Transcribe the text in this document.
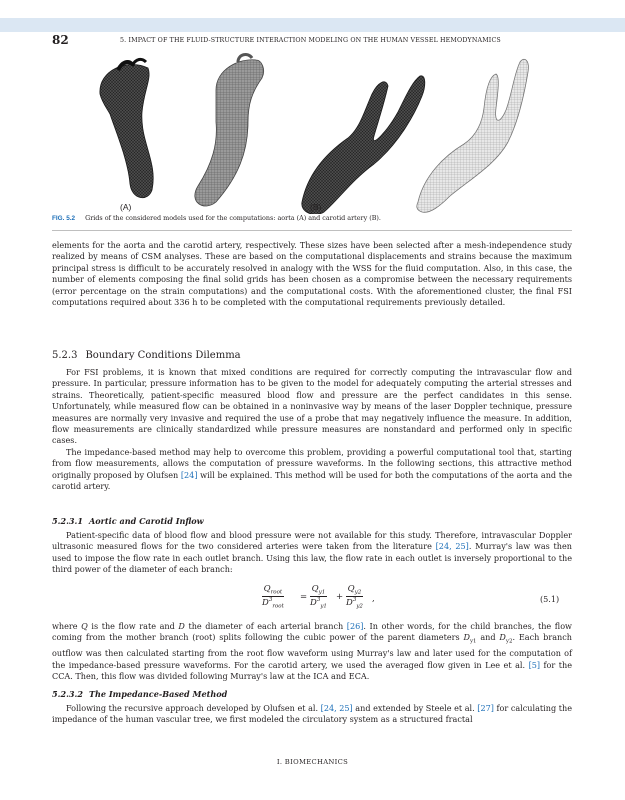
82	5. IMPACT OF THE FLUID-STRUCTURE INTERACTION MODELING ON THE HUMAN VESSEL HEMODYNAMICS
(A)	(B)
FIG. 5.2 Grids of the considered models used for the computations: aorta (A) and carotid artery (B).

elements for the aorta and the carotid artery, respectively. These sizes have been selected after a mesh-independence study realized by means of CSM analyses. These are based on the computational displacements and strains because the maximum principal stress is difficult to be accurately resolved in analogy with the WSS for the fluid computation. Also, in this case, the number of elements composing the final solid grids has been chosen as a compromise between the necessary requirements (error percentage on the strain computations) and the computational costs. With the aforementioned cluster, the final FSI computations required about 336 h to be completed with the computational requirements previously detailed.

5.2.3 Boundary Conditions Dilemma

For FSI problems, it is known that mixed conditions are required for correctly computing the intravascular flow and pressure. In particular, pressure information has to be given to the model for adequately computing the arterial stresses and strains. Theoretically, patient-specific measured blood flow and pressure are the perfect candidates in this sense. Unfortunately, while measured flow can be obtained in a noninvasive way by means of the laser Doppler technique, pressure measures are normally very invasive and required the use of a probe that may negatively influence the measure. In addition, flow measurements are clinically standardized while pressure measures are nonstandard and performed only in specific cases.

The impedance-based method may help to overcome this problem, providing a powerful computational tool that, starting from flow measurements, allows the computation of pressure waveforms. In the following sections, this attractive method originally proposed by Olufsen [24] will be explained. This method will be used for both the computations of the aorta and the carotid artery.

5.2.3.1 Aortic and Carotid Inflow

Patient-specific data of blood flow and blood pressure were not available for this study. Therefore, intravascular Doppler ultrasonic measured flows for the two considered arteries were taken from the literature [24, 25]. Murray's law was then used to impose the flow rate in each outlet branch. Using this law, the flow rate in each outlet is inversely proportional to the third power of the diameter of each branch:

$Q_{root}$
$D^3_{root}$
= $\frac{Q_{y1}}{D^3_{y1}} + \frac{Q_{y2}}{D^3_{y2}}$ ,	(5.1)

where Q is the flow rate and D the diameter of each arterial branch [26]. In other words, for the child branches, the flow coming from the mother branch (root) splits following the cubic power of the parent diameters $D_{y1}$ and $D_{y2}$. Each branch outflow was then calculated starting from the root flow waveform using Murray's law and later used for the computation of the impedance-based pressure waveforms. For the carotid artery, we used the averaged flow given in Lee et al. [5] for the CCA. Then, this flow was divided following Murray's law at the ICA and ECA.

5.2.3.2 The Impedance-Based Method

Following the recursive approach developed by Olufsen et al. [24, 25] and extended by Steele et al. [27] for calculating the impedance of the human vascular tree, we first modeled the circulatory system as a structured fractal

I. BIOMECHANICS
